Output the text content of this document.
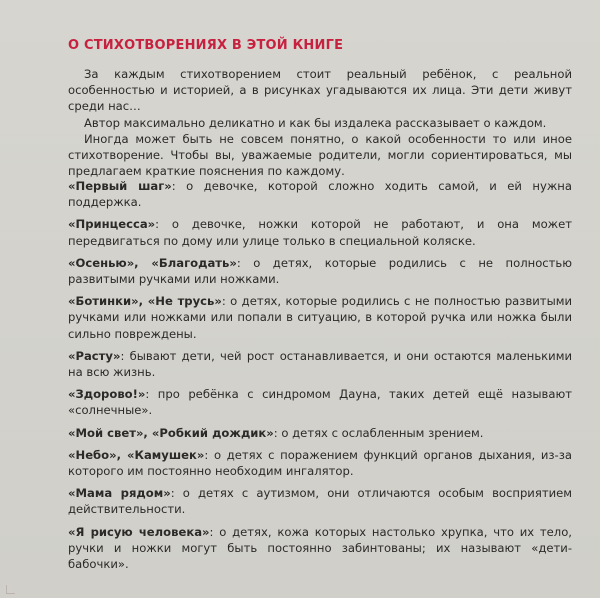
О СТИХОТВОРЕНИЯХ В ЭТОЙ КНИГЕ

За каждым стихотворением стоит реальный ребёнок, с реальной особенностью и историей, а в рисунках угадываются их лица. Эти дети живут среди нас…

Автор максимально деликатно и как бы издалека рассказывает о каждом.

Иногда может быть не совсем понятно, о какой особенности то или иное стихотворение. Чтобы вы, уважаемые родители, могли сориентироваться, мы предлагаем краткие пояснения по каждому.

«Первый шаг»: о девочке, которой сложно ходить самой, и ей нужна поддержка.

«Принцесса»: о девочке, ножки которой не работают, и она может передвигаться по дому или улице только в специальной коляске.

«Осенью», «Благодать»: о детях, которые родились с не полностью развитыми ручками или ножками.

«Ботинки», «Не трусь»: о детях, которые родились с не полностью развитыми ручками или ножками или попали в ситуацию, в которой ручка или ножка были сильно повреждены.

«Расту»: бывают дети, чей рост останавливается, и они остаются маленькими на всю жизнь.

«Здорово!»: про ребёнка с синдромом Дауна, таких детей ещё называют «солнечные».

«Мой свет», «Робкий дождик»: о детях с ослабленным зрением.

«Небо», «Камушек»: о детях с поражением функций органов дыхания, из-за которого им постоянно необходим ингалятор.

«Мама рядом»: о детях с аутизмом, они отличаются особым восприятием действительности.

«Я рисую человека»: о детях, кожа которых настолько хрупка, что их тело, ручки и ножки могут быть постоянно забинтованы; их называют «дети-бабочки».
